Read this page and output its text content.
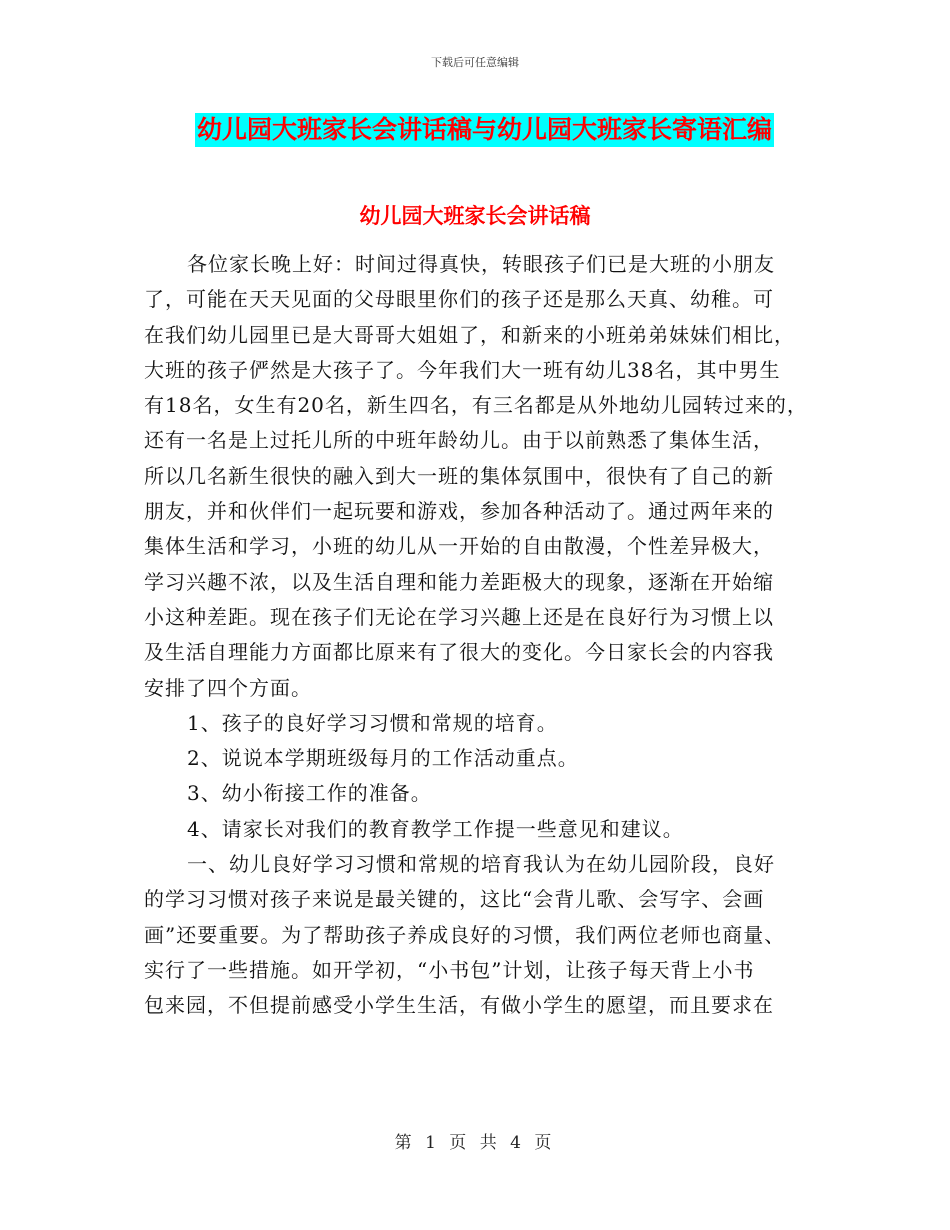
下载后可任意编辑
幼儿园大班家长会讲话稿与幼儿园大班家长寄语汇编
幼儿园大班家长会讲话稿
各位家长晚上好：时间过得真快，转眼孩子们已是大班的小朋友
了，可能在天天见面的父母眼里你们的孩子还是那么天真、幼稚。可
在我们幼儿园里已是大哥哥大姐姐了，和新来的小班弟弟妹妹们相比，
大班的孩子俨然是大孩子了。今年我们大一班有幼儿38名，其中男生
有18名，女生有20名，新生四名，有三名都是从外地幼儿园转过来的，
还有一名是上过托儿所的中班年龄幼儿。由于以前熟悉了集体生活，
所以几名新生很快的融入到大一班的集体氛围中，很快有了自己的新
朋友，并和伙伴们一起玩要和游戏，参加各种活动了。通过两年来的
集体生活和学习，小班的幼儿从一开始的自由散漫，个性差异极大，
学习兴趣不浓，以及生活自理和能力差距极大的现象，逐渐在开始缩
小这种差距。现在孩子们无论在学习兴趣上还是在良好行为习惯上以
及生活自理能力方面都比原来有了很大的变化。今日家长会的内容我
安排了四个方面。
1、孩子的良好学习习惯和常规的培育。
2、说说本学期班级每月的工作活动重点。
3、幼小衔接工作的准备。
4、请家长对我们的教育教学工作提一些意见和建议。
一、幼儿良好学习习惯和常规的培育我认为在幼儿园阶段，良好
的学习习惯对孩子来说是最关键的，这比“会背儿歌、会写字、会画
画”还要重要。为了帮助孩子养成良好的习惯，我们两位老师也商量、
实行了一些措施。如开学初，“小书包”计划，让孩子每天背上小书
包来园，不但提前感受小学生生活，有做小学生的愿望，而且要求在
第 1 页 共 4 页
